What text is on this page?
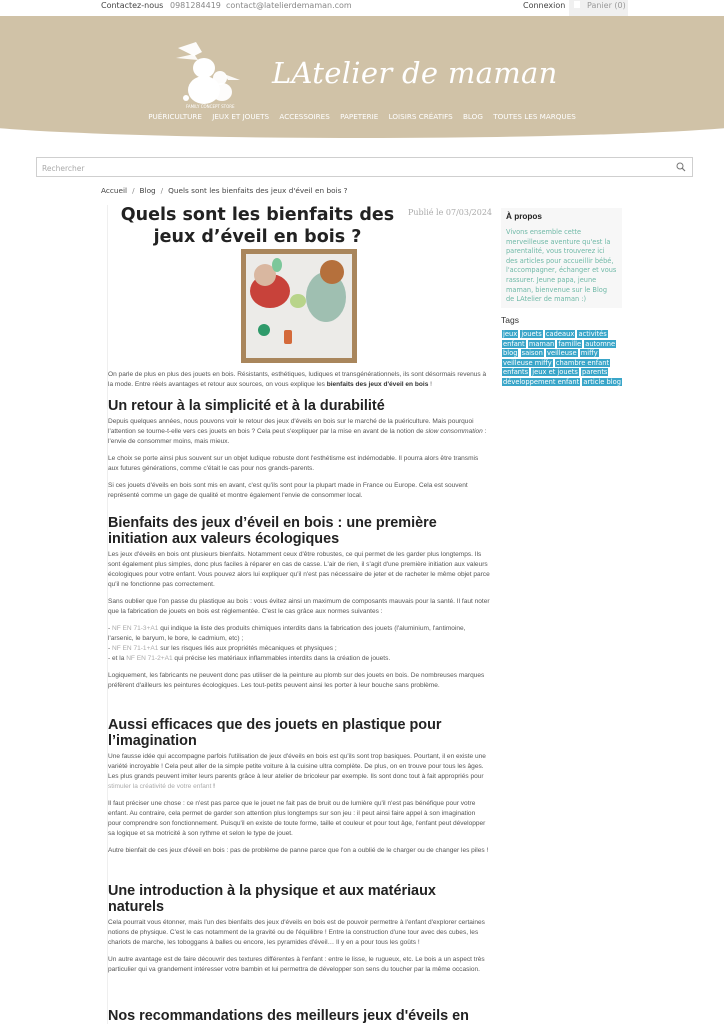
Contactez-nous 0981284419 contact@latelierdemaman.com	Connexion	Panier (0)
FAMILY CONCEPT STORE
LAtelier de maman
PUÉRICULTURE JEUX ET JOUETS ACCESSOIRES PAPETERIE LOISIRS CRÉATIFS BLOG TOUTES LES MARQUES
Rechercher
Accueil / Blog / Quels sont les bienfaits des jeux d'éveil en bois ?
Quels sont les bienfaits des jeux d’éveil en bois ?
Publié le 07/03/2024

On parle de plus en plus des jouets en bois. Résistants, esthétiques, ludiques et transgénérationnels, ils sont désormais revenus à la mode. Entre réels avantages et retour aux sources, on vous explique les bienfaits des jeux d'éveil en bois !

Un retour à la simplicité et à la durabilité

Depuis quelques années, nous pouvons voir le retour des jeux d'éveils en bois sur le marché de la puériculture. Mais pourquoi l'attention se tourne-t-elle vers ces jouets en bois ? Cela peut s'expliquer par la mise en avant de la notion de slow consommation : l'envie de consommer moins, mais mieux.

Le choix se porte ainsi plus souvent sur un objet ludique robuste dont l'esthétisme est indémodable. Il pourra alors être transmis aux futures générations, comme c'était le cas pour nos grands-parents.

Si ces jouets d'éveils en bois sont mis en avant, c'est qu'ils sont pour la plupart made in France ou Europe. Cela est souvent représenté comme un gage de qualité et montre également l'envie de consommer local.

Bienfaits des jeux d’éveil en bois : une première initiation aux valeurs écologiques

Les jeux d'éveils en bois ont plusieurs bienfaits. Notamment ceux d'être robustes, ce qui permet de les garder plus longtemps. Ils sont également plus simples, donc plus faciles à réparer en cas de casse. L'air de rien, il s'agit d'une première initiation aux valeurs écologiques pour votre enfant. Vous pouvez alors lui expliquer qu'il n'est pas nécessaire de jeter et de racheter le même objet parce qu'il ne fonctionne pas correctement.

Sans oublier que l'on passe du plastique au bois : vous évitez ainsi un maximum de composants mauvais pour la santé. Il faut noter que la fabrication de jouets en bois est réglementée. C'est le cas grâce aux normes suivantes :

- NF EN 71-3+A1 qui indique la liste des produits chimiques interdits dans la fabrication des jouets (l'aluminium, l'antimoine, l'arsenic, le baryum, le bore, le cadmium, etc) ;
- NF EN 71-1+A1 sur les risques liés aux propriétés mécaniques et physiques ;
- et la NF EN 71-2+A1 qui précise les matériaux inflammables interdits dans la création de jouets.

Logiquement, les fabricants ne peuvent donc pas utiliser de la peinture au plomb sur des jouets en bois. De nombreuses marques préfèrent d'ailleurs les peintures écologiques. Les tout-petits peuvent ainsi les porter à leur bouche sans problème.

Aussi efficaces que des jouets en plastique pour l’imagination

Une fausse idée qui accompagne parfois l'utilisation de jeux d'éveils en bois est qu'ils sont trop basiques. Pourtant, il en existe une variété incroyable ! Cela peut aller de la simple petite voiture à la cuisine ultra complète. De plus, on en trouve pour tous les âges. Les plus grands peuvent imiter leurs parents grâce à leur atelier de bricoleur par exemple. Ils sont donc tout à fait appropriés pour stimuler la créativité de votre enfant !

Il faut préciser une chose : ce n'est pas parce que le jouet ne fait pas de bruit ou de lumière qu'il n'est pas bénéfique pour votre enfant. Au contraire, cela permet de garder son attention plus longtemps sur son jeu : il peut ainsi faire appel à son imagination pour comprendre son fonctionnement. Puisqu'il en existe de toute forme, taille et couleur et pour tout âge, l'enfant peut développer sa logique et sa motricité à son rythme et selon le type de jouet.

Autre bienfait de ces jeux d'éveil en bois : pas de problème de panne parce que l'on a oublié de le charger ou de changer les piles !

Une introduction à la physique et aux matériaux naturels

Cela pourrait vous étonner, mais l'un des bienfaits des jeux d'éveils en bois est de pouvoir permettre à l'enfant d'explorer certaines notions de physique. C'est le cas notamment de la gravité ou de l'équilibre ! Entre la construction d'une tour avec des cubes, les chariots de marche, les toboggans à balles ou encore, les pyramides d'éveil… Il y en a pour tous les goûts !

Un autre avantage est de faire découvrir des textures différentes à l'enfant : entre le lisse, le rugueux, etc. Le bois a un aspect très particulier qui va grandement intéresser votre bambin et lui permettra de développer son sens du toucher par la même occasion.

Nos recommandations des meilleurs jeux d'éveils en
À propos

Vivons ensemble cette merveilleuse aventure qu'est la parentalité, vous trouverez ici des articles pour accueillir bébé, l'accompagner, échanger et vous rassurer. Jeune papa, jeune maman, bienvenue sur le Blog de LAtelier de maman :)

Tags
jeux jouets cadeaux activités enfant maman famille automne blog saison veilleuse miffy veilleuse miffy chambre enfant enfants jeux et jouets parents développement enfant article blog
